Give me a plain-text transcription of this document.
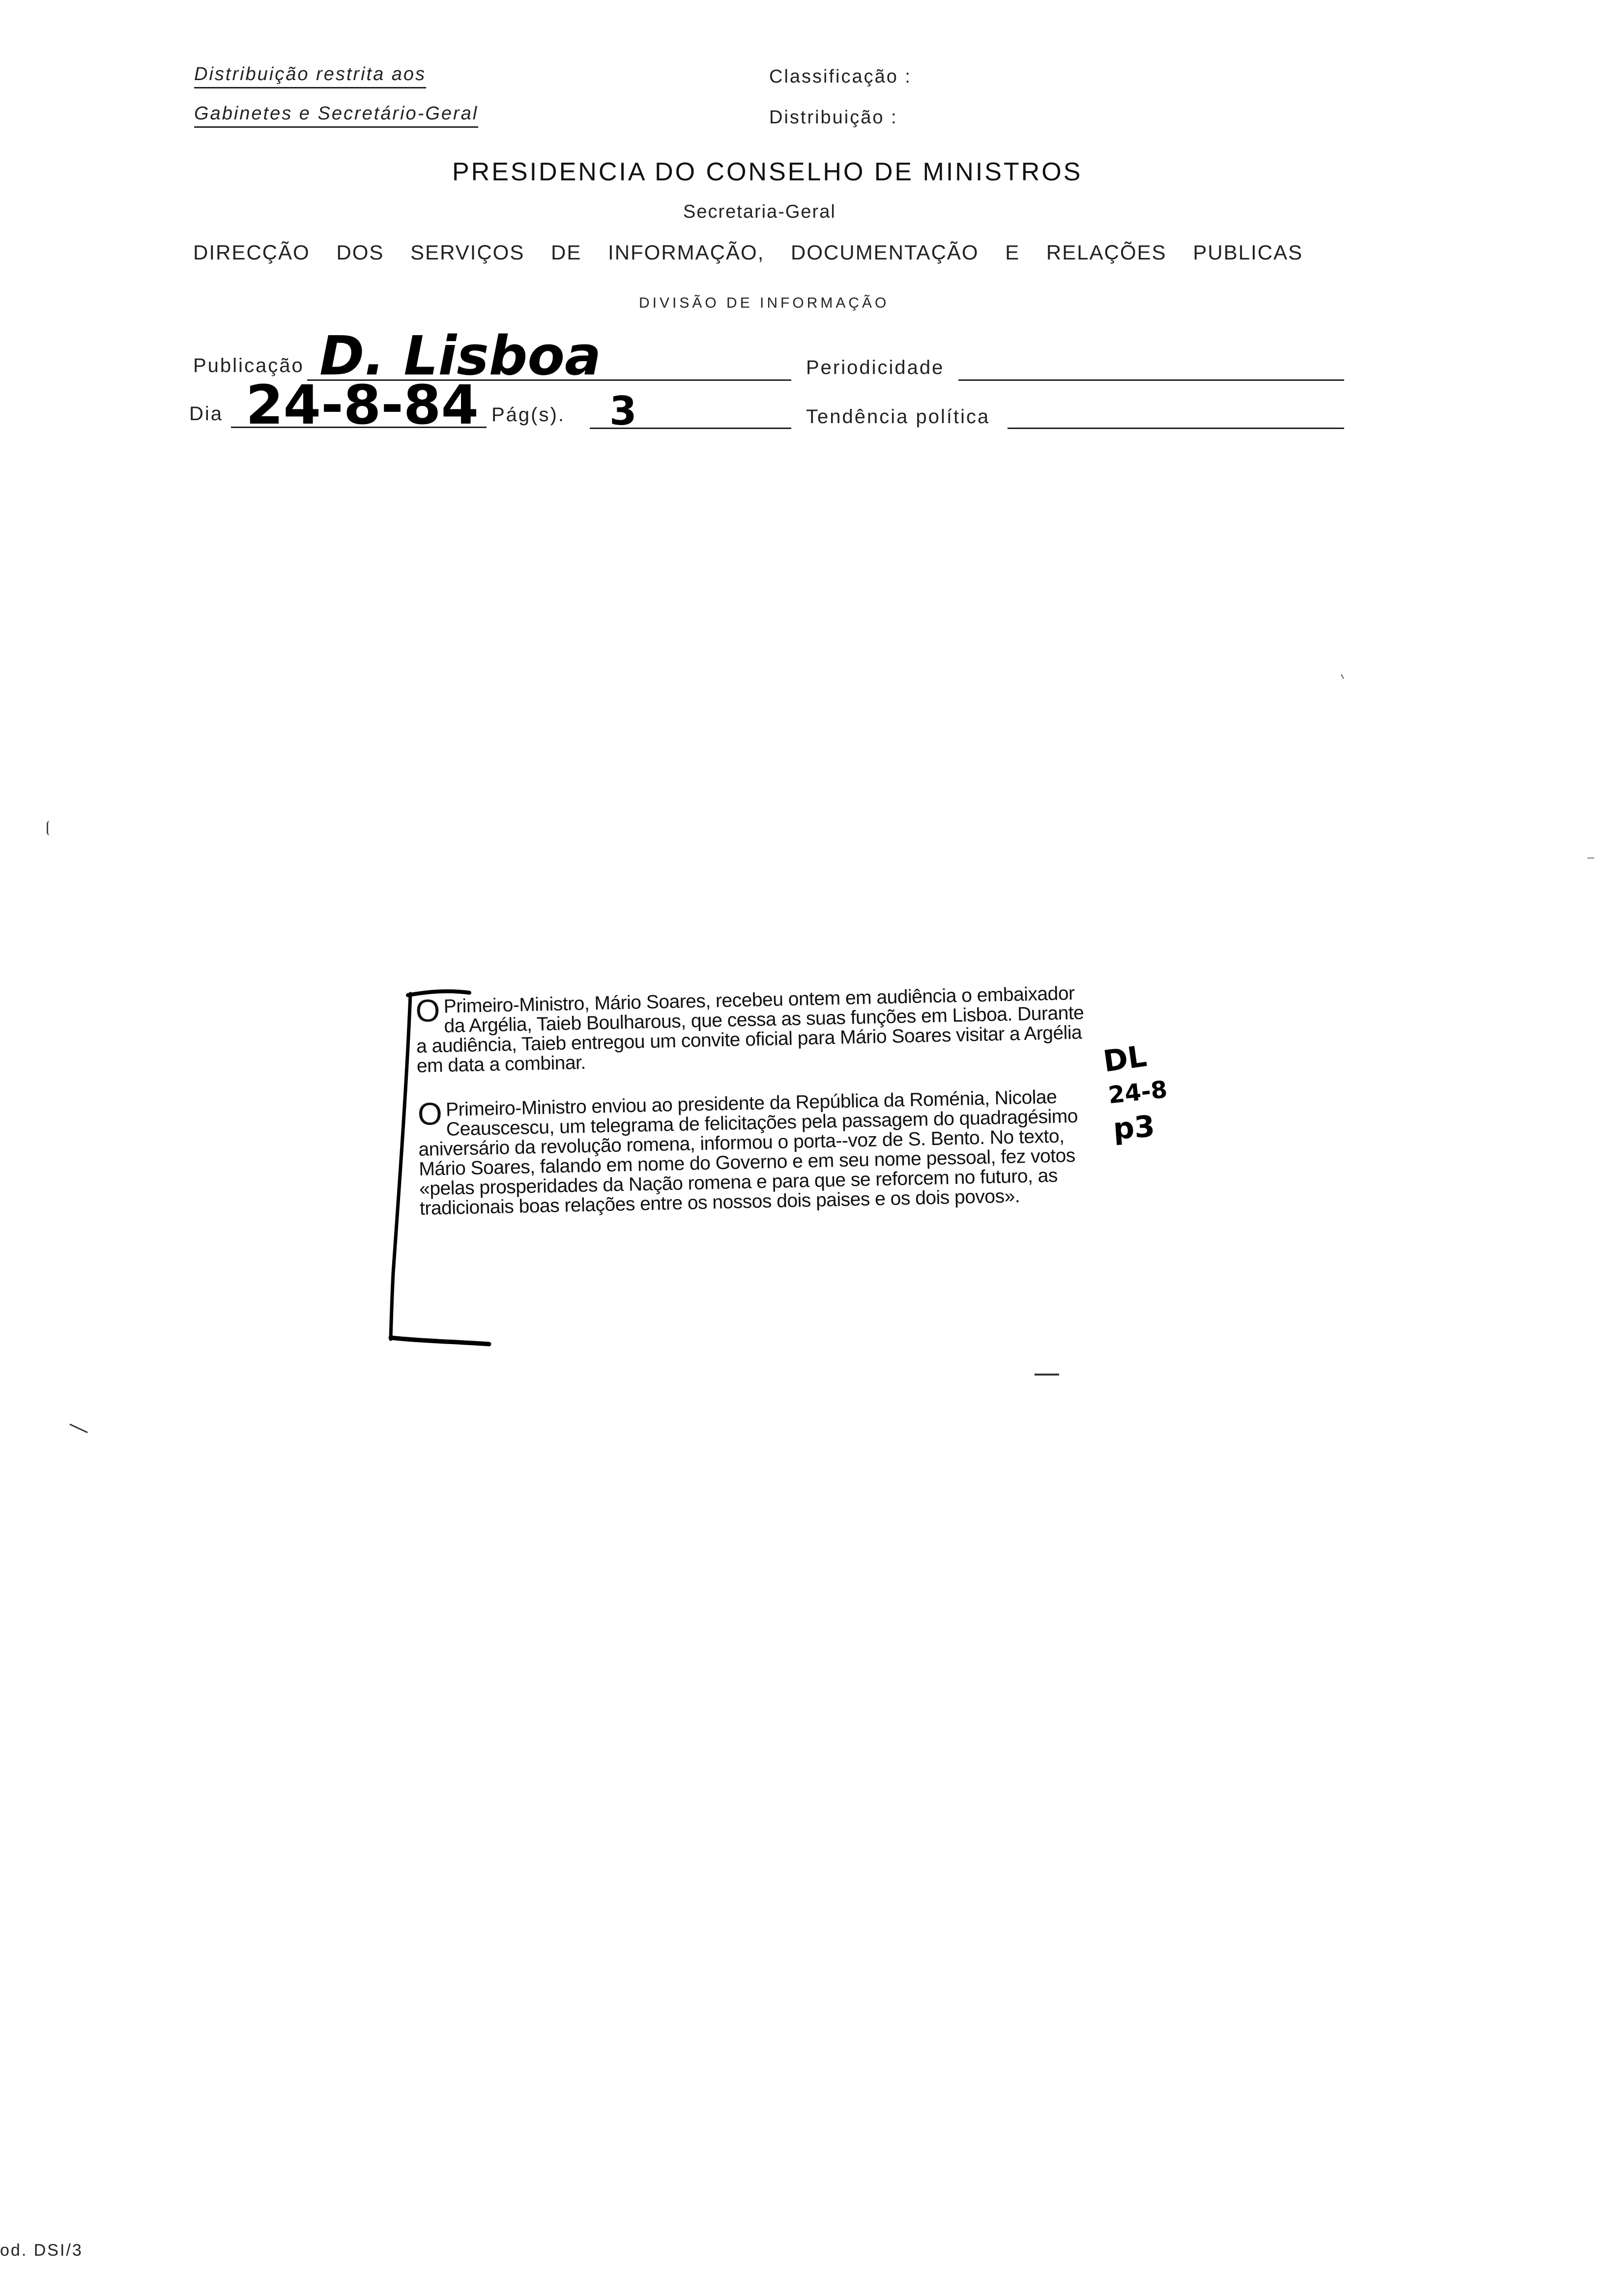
Distribuição restrita aos
Gabinetes e Secretário-Geral
Classificação :
Distribuição :
PRESIDENCIA DO CONSELHO DE MINISTROS
Secretaria-Geral
DIRECÇÃO DOS SERVIÇOS DE INFORMAÇÃO, DOCUMENTAÇÃO E RELAÇÕES PUBLICAS
DIVISÃO DE INFORMAÇÃO
Publicação D. Lisboa	Periodicidade
Dia 24-8-84 Pág(s). 3	Tendência política

O Primeiro-Ministro, Mário Soares, recebeu ontem em audiência o embaixador da Argélia, Taieb Boulharous, que cessa as suas funções em Lisboa. Durante a audiência, Taieb entregou um convite oficial para Mário Soares visitar a Argélia em data a combinar.

O Primeiro-Ministro enviou ao presidente da República da Roménia, Nicolae Ceauscescu, um telegrama de felicitações pela passagem do quadragésimo aniversário da revolução romena, informou o porta--voz de S. Bento. No texto, Mário Soares, falando em nome do Governo e em seu nome pessoal, fez votos «pelas prosperidades da Nação romena e para que se reforcem no futuro, as tradicionais boas relações entre os nossos dois paises e os dois povos».

DL
24-8
p3
od. DSI/3
